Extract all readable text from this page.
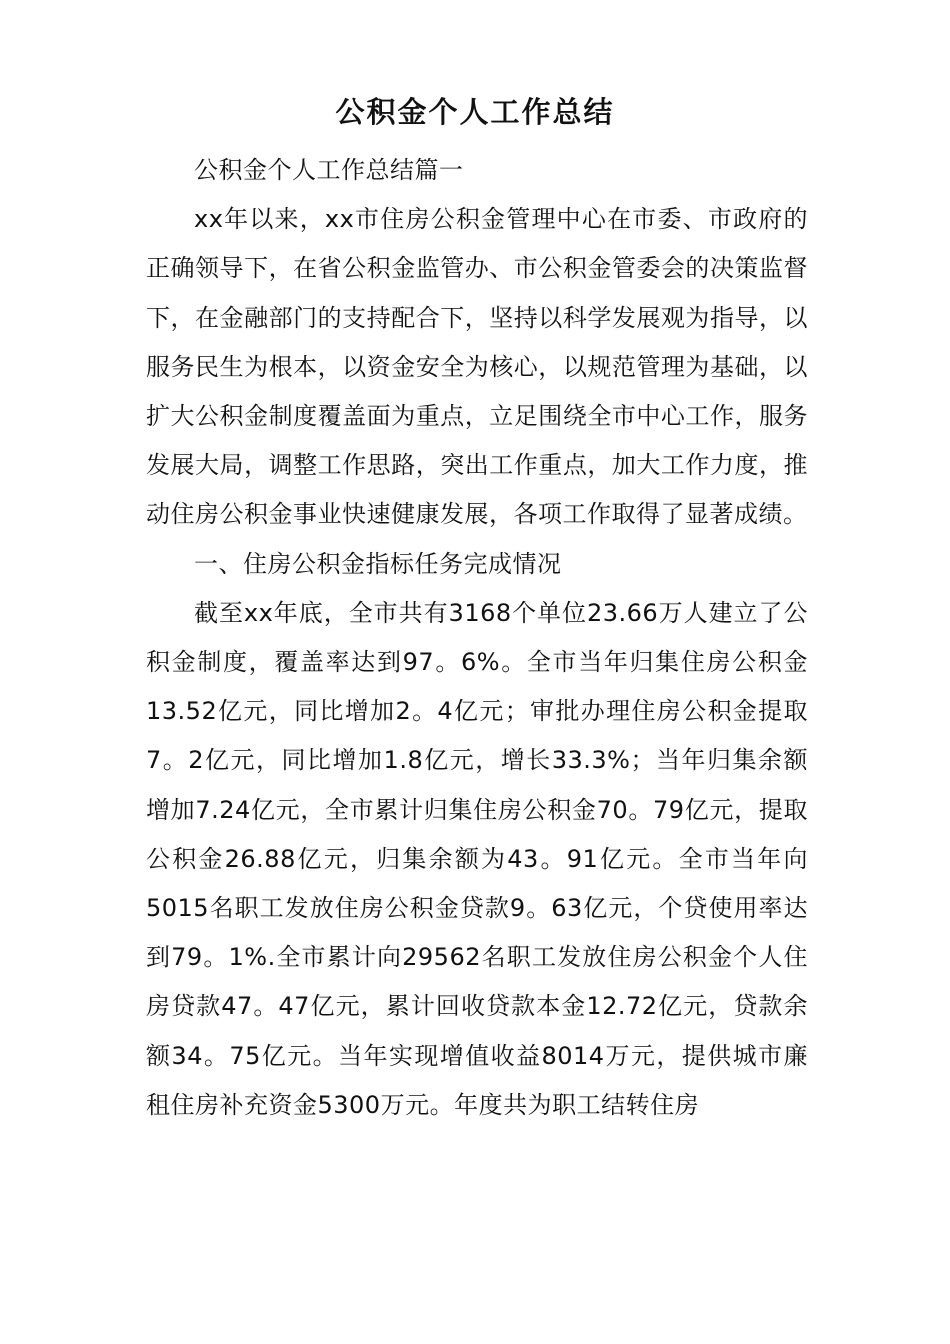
公积金个人工作总结

公积金个人工作总结篇一

xx年以来，xx市住房公积金管理中心在市委、市政府的正确领导下，在省公积金监管办、市公积金管委会的决策监督下，在金融部门的支持配合下，坚持以科学发展观为指导，以服务民生为根本，以资金安全为核心，以规范管理为基础，以扩大公积金制度覆盖面为重点，立足围绕全市中心工作，服务发展大局，调整工作思路，突出工作重点，加大工作力度，推动住房公积金事业快速健康发展，各项工作取得了显著成绩。

一、住房公积金指标任务完成情况

截至xx年底，全市共有3168个单位23.66万人建立了公积金制度，覆盖率达到97。6%。全市当年归集住房公积金13.52亿元，同比增加2。4亿元；审批办理住房公积金提取7。2亿元，同比增加1.8亿元，增长33.3%；当年归集余额增加7.24亿元，全市累计归集住房公积金70。79亿元，提取公积金26.88亿元，归集余额为43。91亿元。全市当年向5015名职工发放住房公积金贷款9。63亿元，个贷使用率达到79。1%.全市累计向29562名职工发放住房公积金个人住房贷款47。47亿元，累计回收贷款本金12.72亿元，贷款余额34。75亿元。当年实现增值收益8014万元，提供城市廉租住房补充资金5300万元。年度共为职工结转住房
